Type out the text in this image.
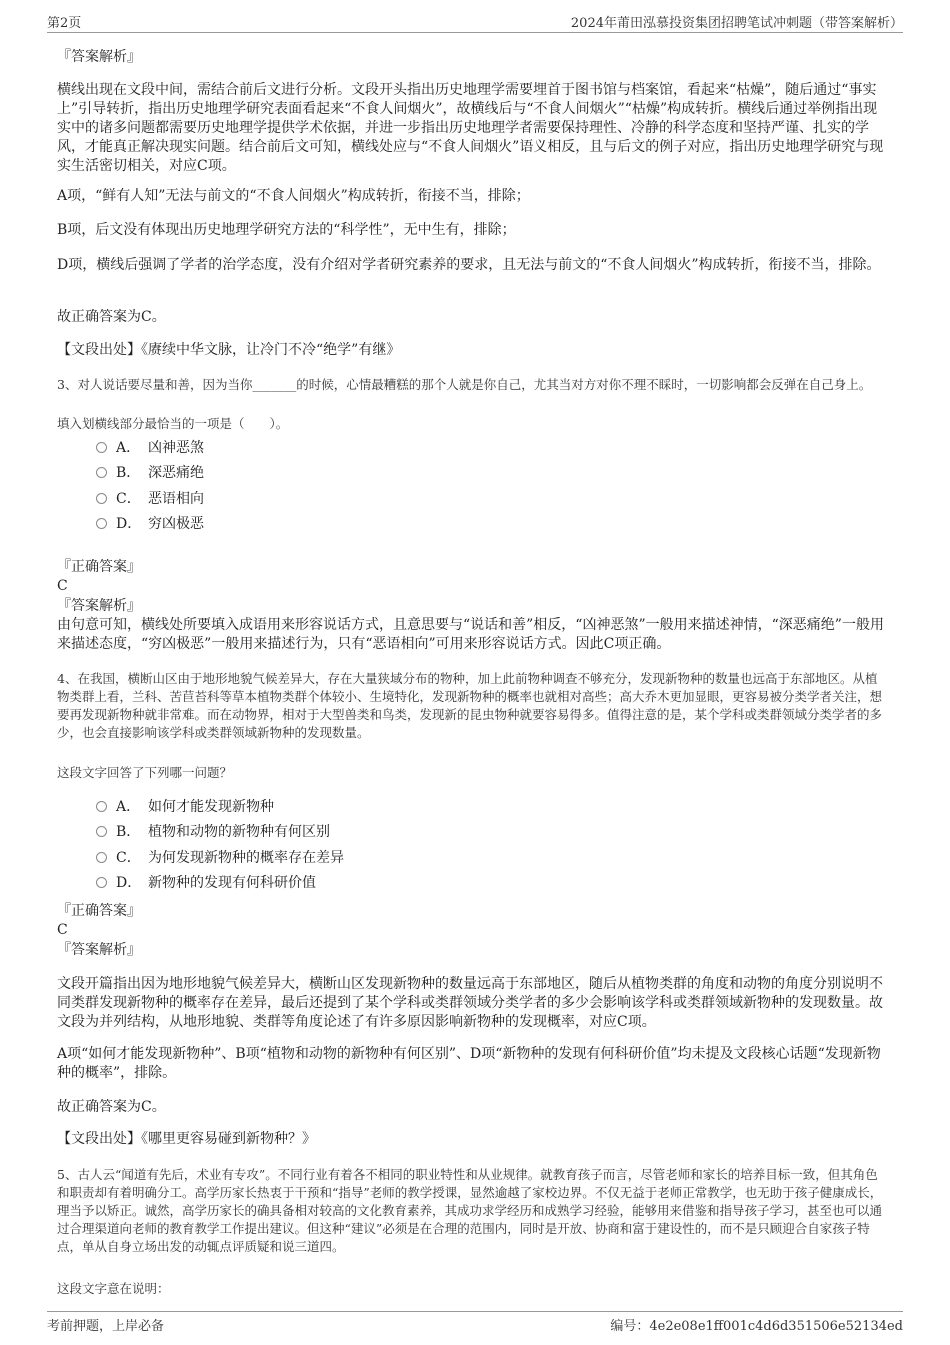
第2页	2024年莆田泓慕投资集团招聘笔试冲刺题（带答案解析）
『答案解析』
横线出现在文段中间，需结合前后文进行分析。文段开头指出历史地理学需要埋首于图书馆与档案馆，看起来“枯燥”，随后通过“事实上”引导转折，指出历史地理学研究表面看起来“不食人间烟火”，故横线后与“不食人间烟火”“枯燥”构成转折。横线后通过举例指出现实中的诸多问题都需要历史地理学提供学术依据，并进一步指出历史地理学者需要保持理性、冷静的科学态度和坚持严谨、扎实的学风，才能真正解决现实问题。结合前后文可知，横线处应与“不食人间烟火”语义相反，且与后文的例子对应，指出历史地理学研究与现实生活密切相关，对应C项。
A项，“鲜有人知”无法与前文的“不食人间烟火”构成转折，衔接不当，排除；
B项，后文没有体现出历史地理学研究方法的“科学性”，无中生有，排除；
D项，横线后强调了学者的治学态度，没有介绍对学者研究素养的要求，且无法与前文的“不食人间烟火”构成转折，衔接不当，排除。
故正确答案为C。
【文段出处】《赓续中华文脉，让冷门不冷“绝学”有继》
3、对人说话要尽量和善，因为当你_______的时候，心情最糟糕的那个人就是你自己，尤其当对方对你不理不睬时，一切影响都会反弹在自己身上。
填入划横线部分最恰当的一项是（　　）。
A． 凶神恶煞
B． 深恶痛绝
C． 恶语相向
D． 穷凶极恶
『正确答案』
C
『答案解析』
由句意可知，横线处所要填入成语用来形容说话方式，且意思要与“说话和善”相反，“凶神恶煞”一般用来描述神情，“深恶痛绝”一般用来描述态度，“穷凶极恶”一般用来描述行为，只有“恶语相向”可用来形容说话方式。因此C项正确。
4、在我国，横断山区由于地形地貌气候差异大，存在大量狭域分布的物种，加上此前物种调查不够充分，发现新物种的数量也远高于东部地区。从植物类群上看，兰科、苦苣苔科等草本植物类群个体较小、生境特化，发现新物种的概率也就相对高些；高大乔木更加显眼，更容易被分类学者关注，想要再发现新物种就非常难。而在动物界，相对于大型兽类和鸟类，发现新的昆虫物种就要容易得多。值得注意的是，某个学科或类群领域分类学者的多少，也会直接影响该学科或类群领域新物种的发现数量。
这段文字回答了下列哪一问题？
A． 如何才能发现新物种
B． 植物和动物的新物种有何区别
C． 为何发现新物种的概率存在差异
D． 新物种的发现有何科研价值
『正确答案』
C
『答案解析』
文段开篇指出因为地形地貌气候差异大，横断山区发现新物种的数量远高于东部地区，随后从植物类群的角度和动物的角度分别说明不同类群发现新物种的概率存在差异，最后还提到了某个学科或类群领域分类学者的多少会影响该学科或类群领域新物种的发现数量。故文段为并列结构，从地形地貌、类群等角度论述了有许多原因影响新物种的发现概率，对应C项。
A项“如何才能发现新物种”、B项“植物和动物的新物种有何区别”、D项“新物种的发现有何科研价值”均未提及文段核心话题“发现新物种的概率”，排除。
故正确答案为C。
【文段出处】《哪里更容易碰到新物种？》
5、古人云“闻道有先后，术业有专攻”。不同行业有着各不相同的职业特性和从业规律。就教育孩子而言，尽管老师和家长的培养目标一致，但其角色和职责却有着明确分工。高学历家长热衷于干预和“指导”老师的教学授课，显然逾越了家校边界。不仅无益于老师正常教学，也无助于孩子健康成长，理当予以矫正。诚然，高学历家长的确具备相对较高的文化教育素养，其成功求学经历和成熟学习经验，能够用来借鉴和指导孩子学习，甚至也可以通过合理渠道向老师的教育教学工作提出建议。但这种“建议”必须是在合理的范围内，同时是开放、协商和富于建设性的，而不是只顾迎合自家孩子特点，单从自身立场出发的动辄点评质疑和说三道四。
这段文字意在说明：
考前押题，上岸必备	编号：4e2e08e1ff001c4d6d351506e52134ed
